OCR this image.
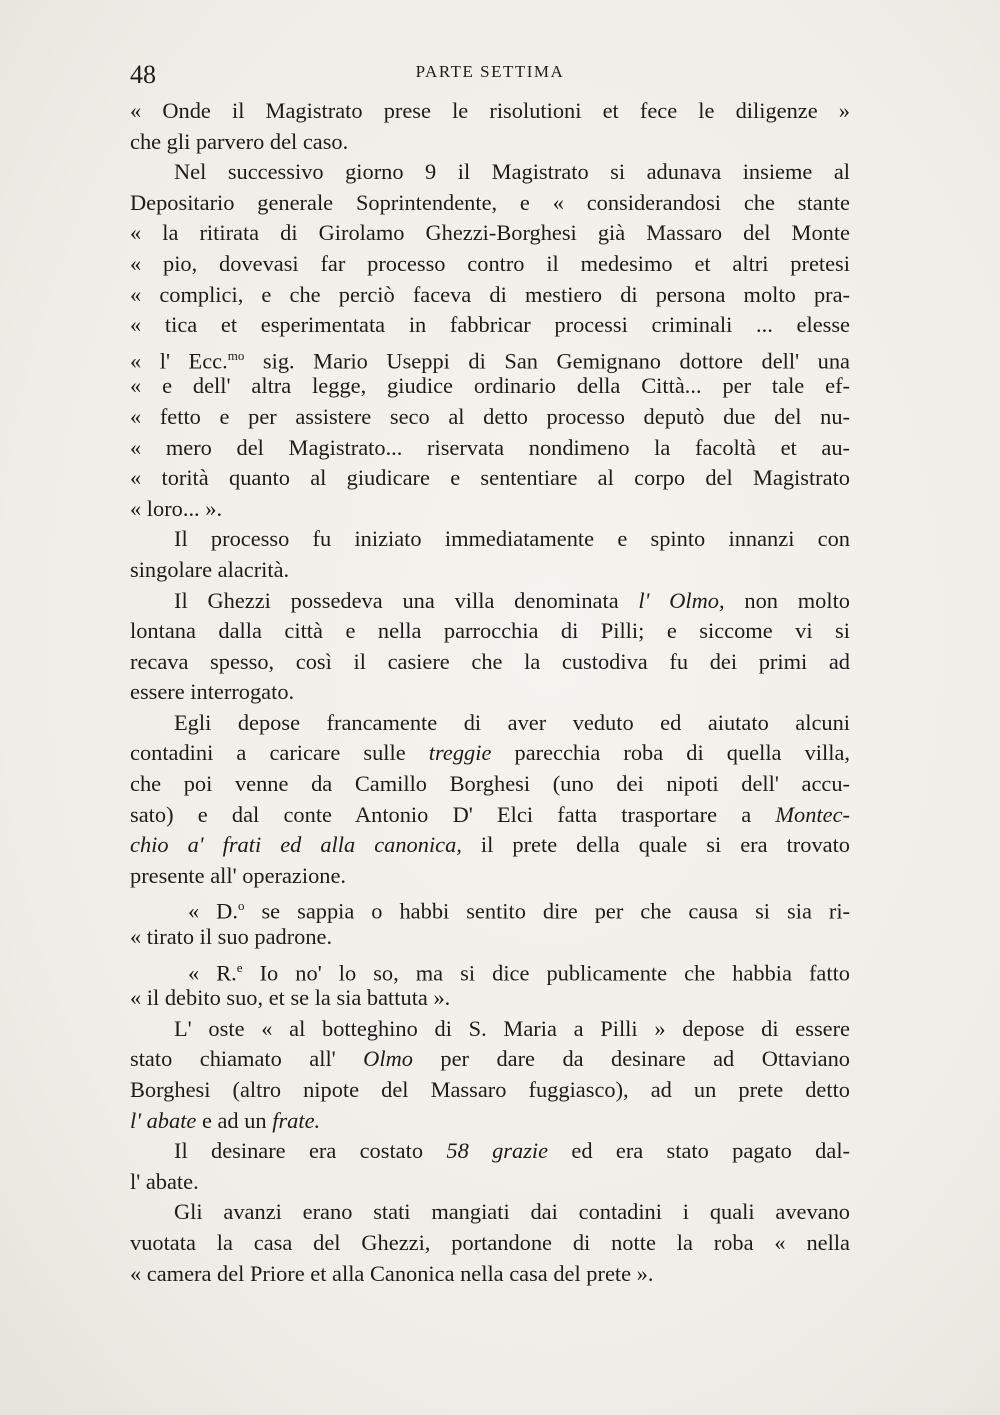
48	PARTE SETTIMA
« Onde il Magistrato prese le risolutioni et fece le diligenze »
che gli parvero del caso.
Nel successivo giorno 9 il Magistrato si adunava insieme al
Depositario generale Soprintendente, e « considerandosi che stante
« la ritirata di Girolamo Ghezzi-Borghesi già Massaro del Monte
« pio, dovevasi far processo contro il medesimo et altri pretesi
« complici, e che perciò faceva di mestiero di persona molto pra-
« tica et esperimentata in fabbricar processi criminali ... elesse
« l' Ecc.$^{mo}$ sig. Mario Useppi di San Gemignano dottore dell' una
« e dell' altra legge, giudice ordinario della Città... per tale ef-
« fetto e per assistere seco al detto processo deputò due del nu-
« mero del Magistrato... riservata nondimeno la facoltà et au-
« torità quanto al giudicare e sententiare al corpo del Magistrato
« loro... ».
Il processo fu iniziato immediatamente e spinto innanzi con
singolare alacrità.
Il Ghezzi possedeva una villa denominata l' Olmo, non molto
lontana dalla città e nella parrocchia di Pilli; e siccome vi si
recava spesso, così il casiere che la custodiva fu dei primi ad
essere interrogato.
Egli depose francamente di aver veduto ed aiutato alcuni
contadini a caricare sulle treggie parecchia roba di quella villa,
che poi venne da Camillo Borghesi (uno dei nipoti dell' accu-
sato) e dal conte Antonio D' Elci fatta trasportare a Montec-
chio a' frati ed alla canonica, il prete della quale si era trovato
presente all' operazione.
« D.$^o$ se sappia o habbi sentito dire per che causa si sia ri-
« tirato il suo padrone.
« R.$^e$ Io no' lo so, ma si dice publicamente che habbia fatto
« il debito suo, et se la sia battuta ».
L' oste « al botteghino di S. Maria a Pilli » depose di essere
stato chiamato all' Olmo per dare da desinare ad Ottaviano
Borghesi (altro nipote del Massaro fuggiasco), ad un prete detto
l' abate e ad un frate.
Il desinare era costato 58 grazie ed era stato pagato dal-
l' abate.
Gli avanzi erano stati mangiati dai contadini i quali avevano
vuotata la casa del Ghezzi, portandone di notte la roba « nella
« camera del Priore et alla Canonica nella casa del prete ».
